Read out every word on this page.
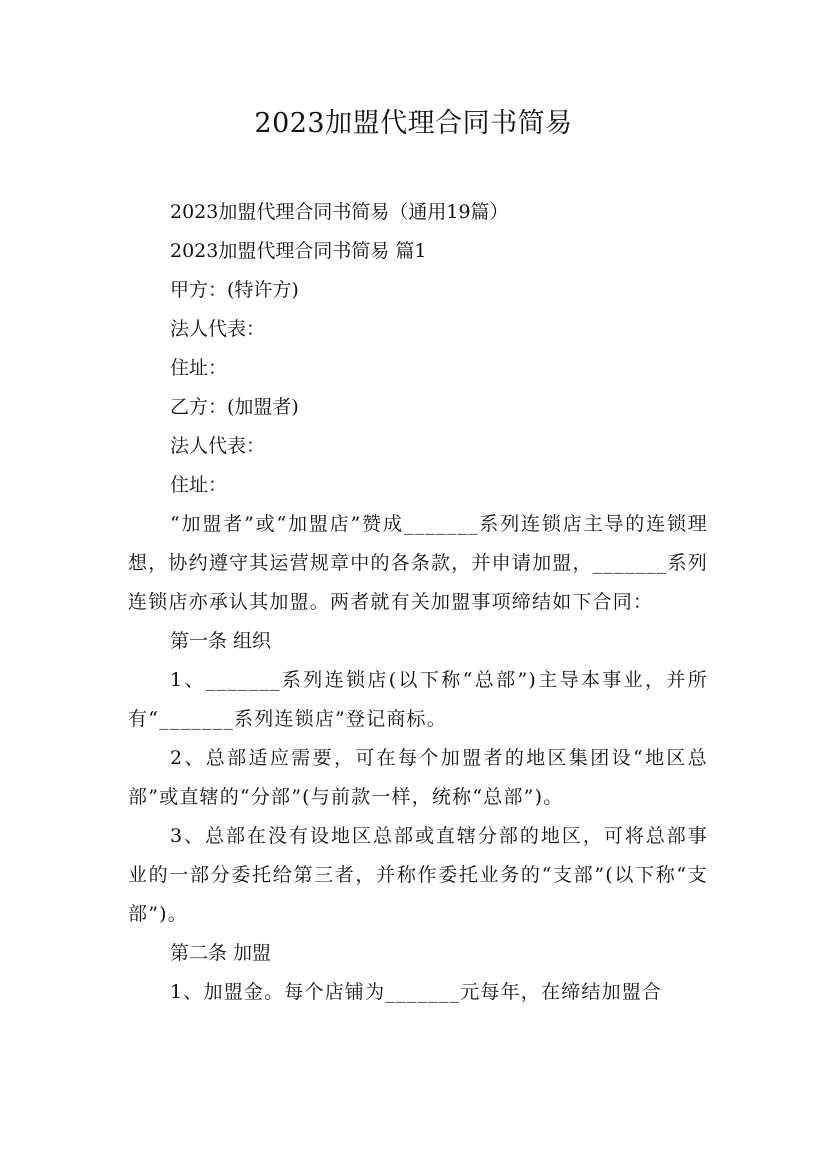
2023加盟代理合同书简易

2023加盟代理合同书简易（通用19篇）

2023加盟代理合同书简易 篇1

甲方：(特许方)

法人代表：

住址：

乙方：(加盟者)

法人代表：

住址：

“加盟者”或“加盟店”赞成_______系列连锁店主导的连锁理想，协约遵守其运营规章中的各条款，并申请加盟，_______系列连锁店亦承认其加盟。两者就有关加盟事项缔结如下合同：

第一条 组织

1、_______系列连锁店(以下称“总部”)主导本事业，并所有“_______系列连锁店”登记商标。

2、总部适应需要，可在每个加盟者的地区集团设“地区总部”或直辖的“分部”(与前款一样，统称“总部”)。

3、总部在没有设地区总部或直辖分部的地区，可将总部事业的一部分委托给第三者，并称作委托业务的“支部”(以下称“支部”)。

第二条 加盟

1、加盟金。每个店铺为_______元每年，在缔结加盟合
